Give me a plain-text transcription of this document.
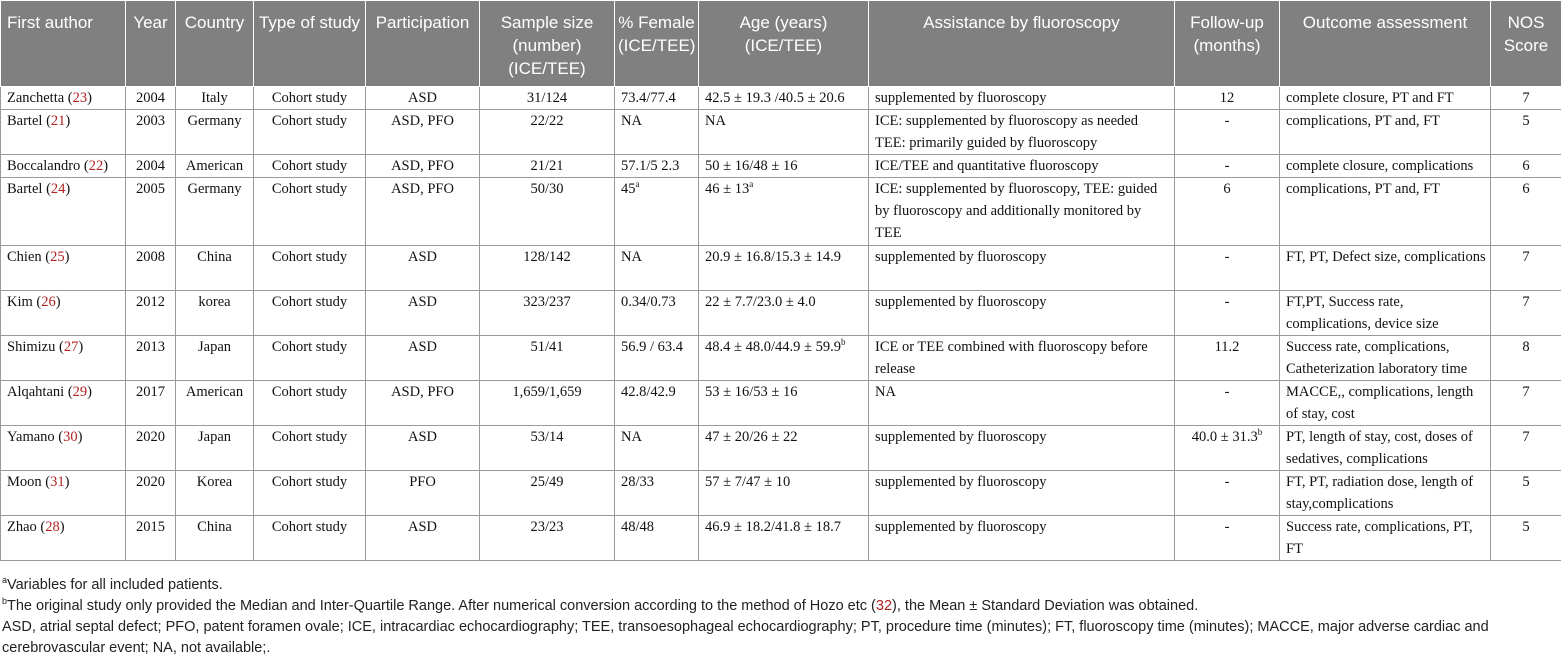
First author	Year	Country	Type of study	Participation	Sample size (number) (ICE/TEE)	% Female (ICE/TEE)	Age (years) (ICE/TEE)	Assistance by fluoroscopy	Follow-up (months)	Outcome assessment	NOS Score
Zanchetta (23)	2004	Italy	Cohort study	ASD	31/124	73.4/77.4	42.5 ± 19.3 /40.5 ± 20.6	supplemented by fluoroscopy	12	complete closure, PT and FT	7
Bartel (21)	2003	Germany	Cohort study	ASD, PFO	22/22	NA	NA	ICE: supplemented by fluoroscopy as needed TEE: primarily guided by fluoroscopy	-	complications, PT and, FT	5
Boccalandro (22)	2004	American	Cohort study	ASD, PFO	21/21	57.1/5 2.3	50 ± 16/48 ± 16	ICE/TEE and quantitative fluoroscopy	-	complete closure, complications	6
Bartel (24)	2005	Germany	Cohort study	ASD, PFO	50/30	45$^a$	$46 \pm 13^a$	ICE: supplemented by fluoroscopy, TEE: guided by fluoroscopy and additionally monitored by TEE	6	complications, PT and, FT	6
Chien (25)	2008	China	Cohort study	ASD	128/142	NA	20.9 ± 16.8/15.3 ± 14.9	supplemented by fluoroscopy	-	FT, PT, Defect size, complications	7
Kim (26)	2012	korea	Cohort study	ASD	323/237	0.34/0.73	22 ± 7.7/23.0 ± 4.0	supplemented by fluoroscopy	-	FT,PT, Success rate, complications, device size	7
Shimizu (27)	2013	Japan	Cohort study	ASD	51/41	56.9 / 63.4	48.4 ± 48.0/44.9 ± 59.9$^b$	ICE or TEE combined with fluoroscopy before release	11.2	Success rate, complications, Catheterization laboratory time	8
Alqahtani (29)	2017	American	Cohort study	ASD, PFO	1,659/1,659	42.8/42.9	53 ± 16/53 ± 16	NA	-	MACCE,, complications, length of stay, cost	7
Yamano (30)	2020	Japan	Cohort study	ASD	53/14	NA	47 ± 20/26 ± 22	supplemented by fluoroscopy	40.0 ± 31.3$^b$	PT, length of stay, cost, doses of sedatives, complications	7
Moon (31)	2020	Korea	Cohort study	PFO	25/49	28/33	57 ± 7/47 ± 10	supplemented by fluoroscopy	-	FT, PT, radiation dose, length of stay,complications	5
Zhao (28)	2015	China	Cohort study	ASD	23/23	48/48	46.9 ± 18.2/41.8 ± 18.7	supplemented by fluoroscopy	-	Success rate, complications, PT, FT	5

$^a$Variables for all included patients.

$^b$The original study only provided the Median and Inter-Quartile Range. After numerical conversion according to the method of Hozo etc (32), the Mean ± Standard Deviation was obtained.

ASD, atrial septal defect; PFO, patent foramen ovale; ICE, intracardiac echocardiography; TEE, transoesophageal echocardiography; PT, procedure time (minutes); FT, fluoroscopy time (minutes); MACCE, major adverse cardiac and cerebrovascular event; NA, not available;.
